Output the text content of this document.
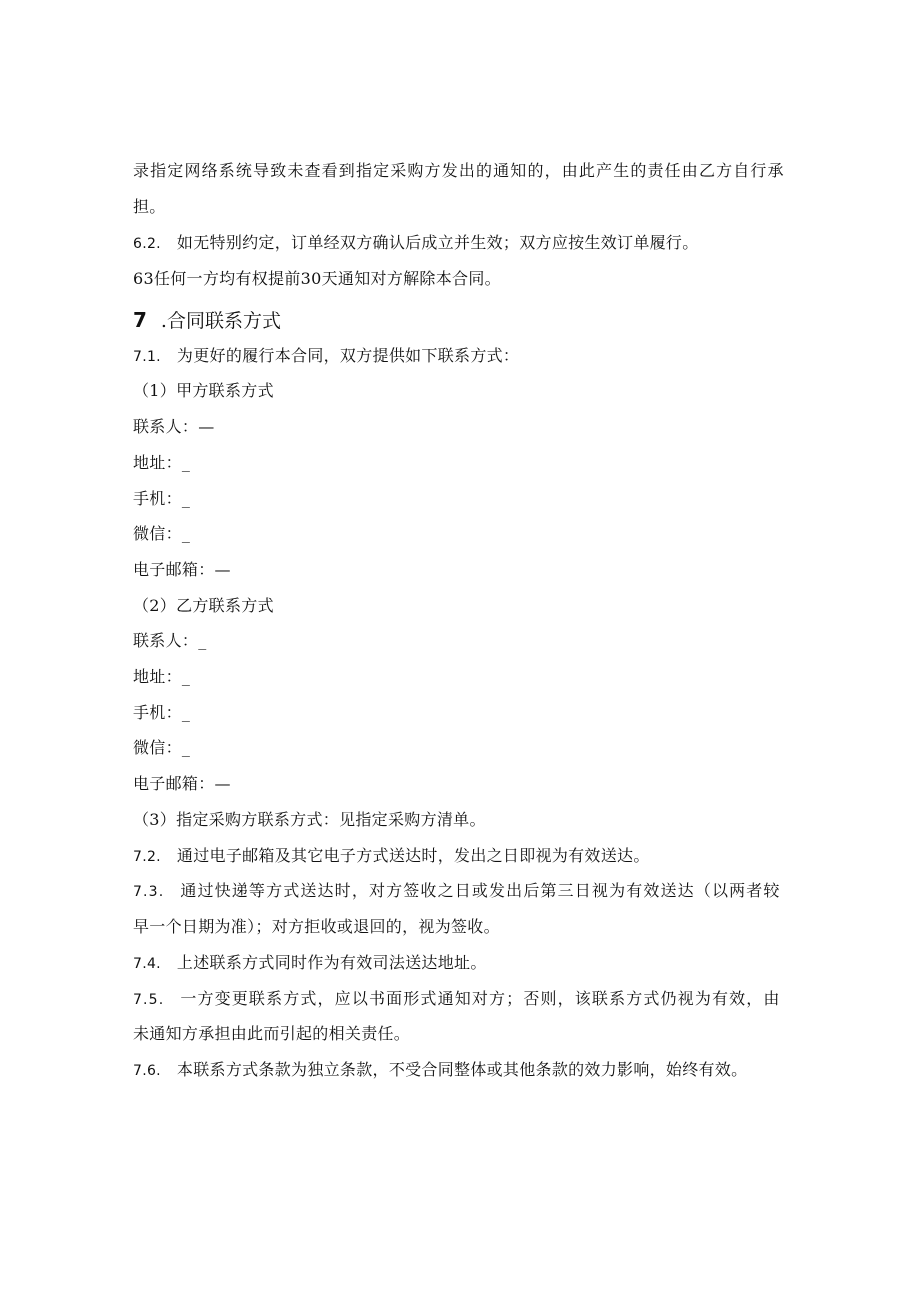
录指定网络系统导致未查看到指定采购方发出的通知的，由此产生的责任由乙方自行承
担。
6.2. 如无特别约定，订单经双方确认后成立并生效；双方应按生效订单履行。
63任何一方均有权提前30天通知对方解除本合同。
7 .合同联系方式
7.1. 为更好的履行本合同，双方提供如下联系方式：
（1）甲方联系方式
联系人：—
地址：_
手机：_
微信：_
电子邮箱：—
（2）乙方联系方式
联系人：_
地址：_
手机：_
微信：_
电子邮箱：—
（3）指定采购方联系方式：见指定采购方清单。
7.2. 通过电子邮箱及其它电子方式送达时，发出之日即视为有效送达。
7.3. 通过快递等方式送达时，对方签收之日或发出后第三日视为有效送达（以两者较
早一个日期为准）；对方拒收或退回的，视为签收。
7.4. 上述联系方式同时作为有效司法送达地址。
7.5. 一方变更联系方式，应以书面形式通知对方；否则，该联系方式仍视为有效，由
未通知方承担由此而引起的相关责任。
7.6. 本联系方式条款为独立条款，不受合同整体或其他条款的效力影响，始终有效。
